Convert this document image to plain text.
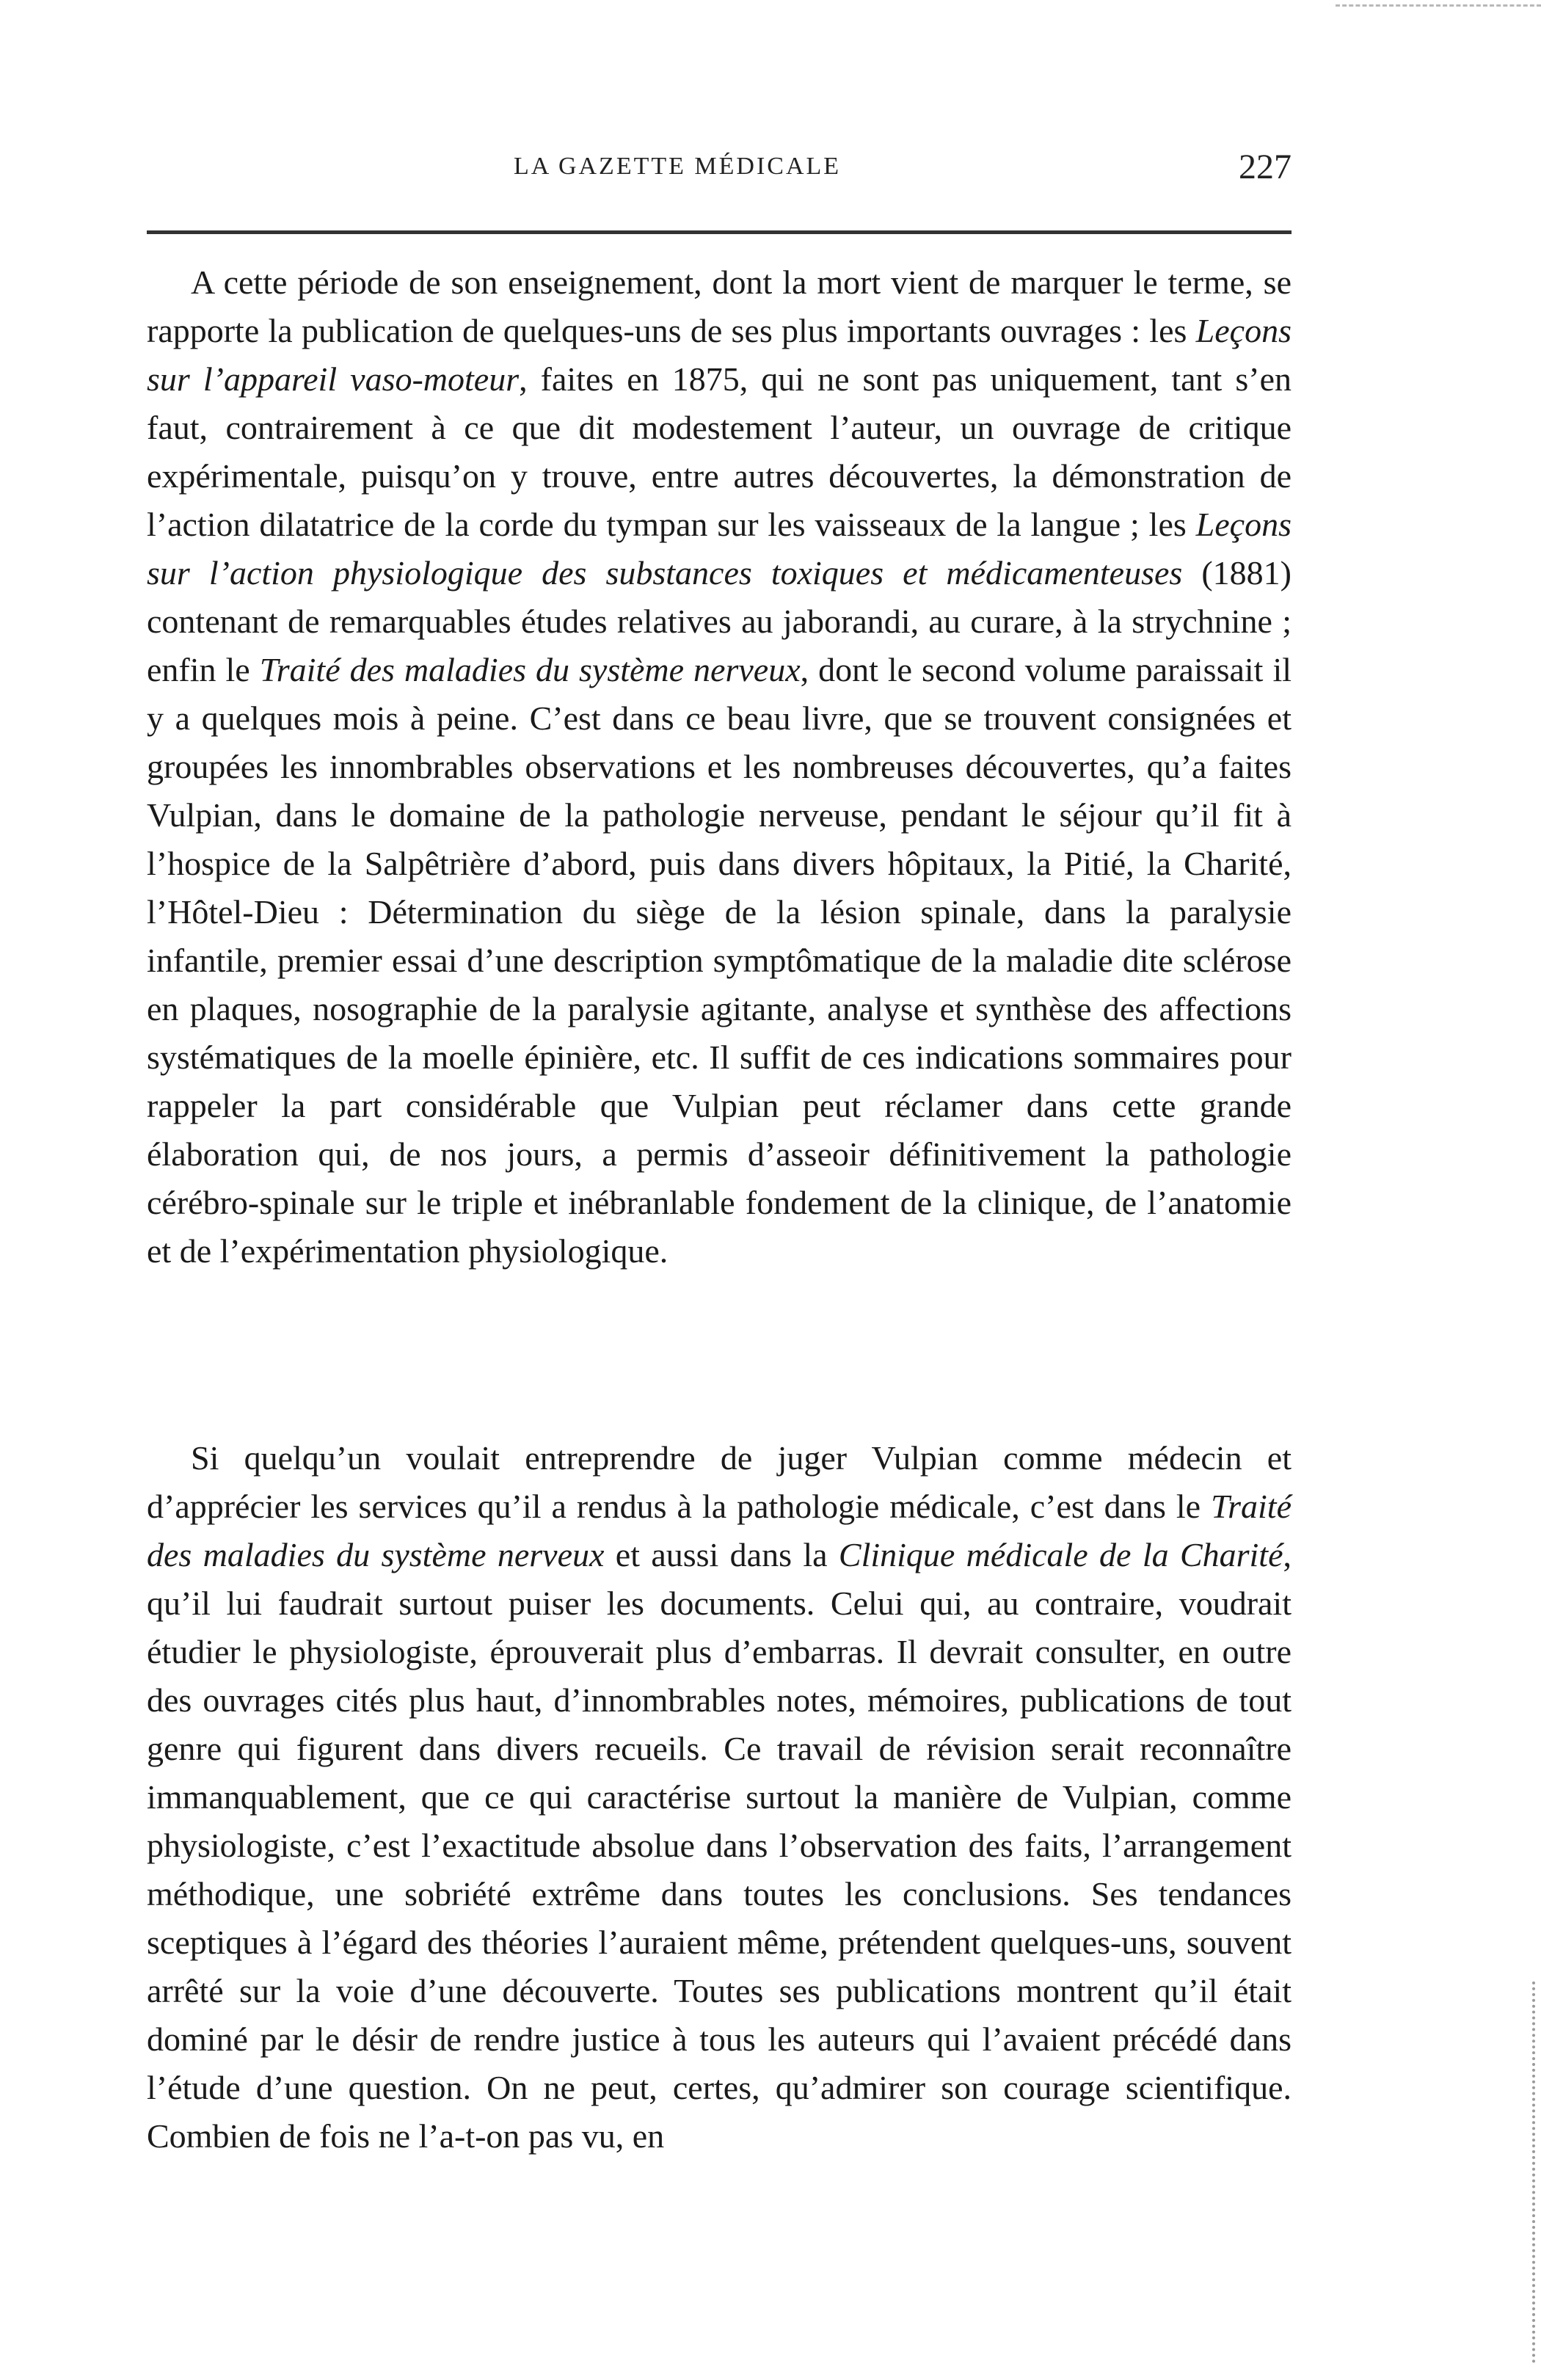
LA GAZETTE MÉDICALE	227

A cette période de son enseignement, dont la mort vient de marquer le terme, se rapporte la publication de quelques-uns de ses plus importants ouvrages : les Leçons sur l’appareil vaso-moteur, faites en 1875, qui ne sont pas uniquement, tant s’en faut, contrairement à ce que dit modestement l’auteur, un ouvrage de critique expérimentale, puisqu’on y trouve, entre autres découvertes, la démonstration de l’action dilatatrice de la corde du tympan sur les vaisseaux de la langue ; les Leçons sur l’action physiologique des substances toxiques et médicamenteuses (1881) contenant de remarquables études relatives au jaborandi, au curare, à la strychnine ; enfin le Traité des maladies du système nerveux, dont le second volume paraissait il y a quelques mois à peine. C’est dans ce beau livre, que se trouvent consignées et groupées les innombrables observations et les nombreuses découvertes, qu’a faites Vulpian, dans le domaine de la pathologie nerveuse, pendant le séjour qu’il fit à l’hospice de la Salpêtrière d’abord, puis dans divers hôpitaux, la Pitié, la Charité, l’Hôtel-Dieu : Détermination du siège de la lésion spinale, dans la paralysie infantile, premier essai d’une description symptômatique de la maladie dite sclérose en plaques, nosographie de la paralysie agitante, analyse et synthèse des affections systématiques de la moelle épinière, etc. Il suffit de ces indications sommaires pour rappeler la part considérable que Vulpian peut réclamer dans cette grande élaboration qui, de nos jours, a permis d’asseoir définitivement la pathologie cérébro-spinale sur le triple et inébranlable fondement de la clinique, de l’anatomie et de l’expérimentation physiologique.

Si quelqu’un voulait entreprendre de juger Vulpian comme médecin et d’apprécier les services qu’il a rendus à la pathologie médicale, c’est dans le Traité des maladies du système nerveux et aussi dans la Clinique médicale de la Charité, qu’il lui faudrait surtout puiser les documents. Celui qui, au contraire, voudrait étudier le physiologiste, éprouverait plus d’embarras. Il devrait consulter, en outre des ouvrages cités plus haut, d’innombrables notes, mémoires, publications de tout genre qui figurent dans divers recueils. Ce travail de révision serait reconnaître immanquablement, que ce qui caractérise surtout la manière de Vulpian, comme physiologiste, c’est l’exactitude absolue dans l’observation des faits, l’arrangement méthodique, une sobriété extrême dans toutes les conclusions. Ses tendances sceptiques à l’égard des théories l’auraient même, prétendent quelques-uns, souvent arrêté sur la voie d’une découverte. Toutes ses publications montrent qu’il était dominé par le désir de rendre justice à tous les auteurs qui l’avaient précédé dans l’étude d’une question. On ne peut, certes, qu’admirer son courage scientifique. Combien de fois ne l’a-t-on pas vu, en
